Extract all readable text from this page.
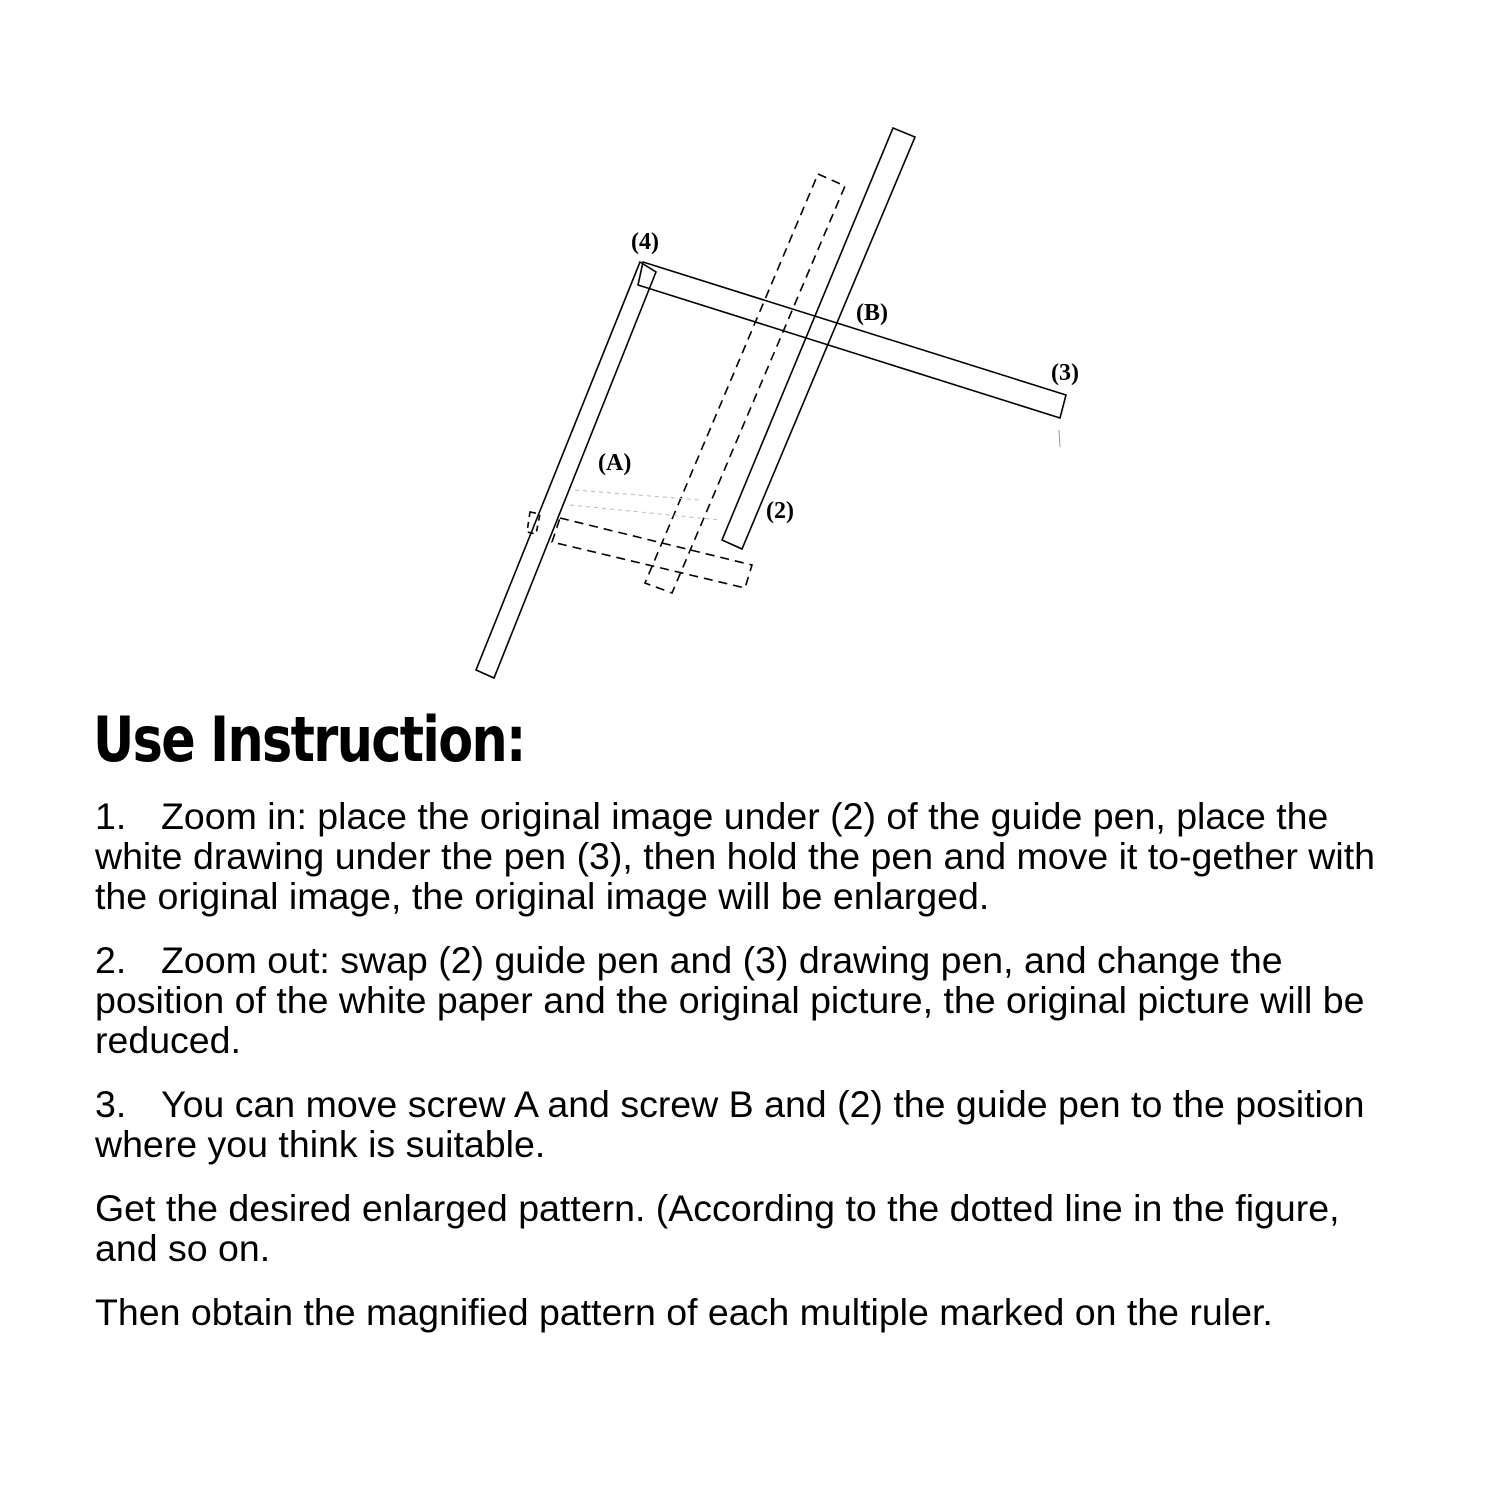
(4)
(B)
(3)
(A)
(2)
Use Instruction:

1. Zoom in: place the original image under (2) of the guide pen, place the white drawing under the pen (3), then hold the pen and move it to-gether with the original image, the original image will be enlarged.

2. Zoom out: swap (2) guide pen and (3) drawing pen, and change the position of the white paper and the original picture, the original picture will be reduced.

3. You can move screw A and screw B and (2) the guide pen to the position where you think is suitable.

Get the desired enlarged pattern. (According to the dotted line in the figure, and so on.

Then obtain the magnified pattern of each multiple marked on the ruler.
